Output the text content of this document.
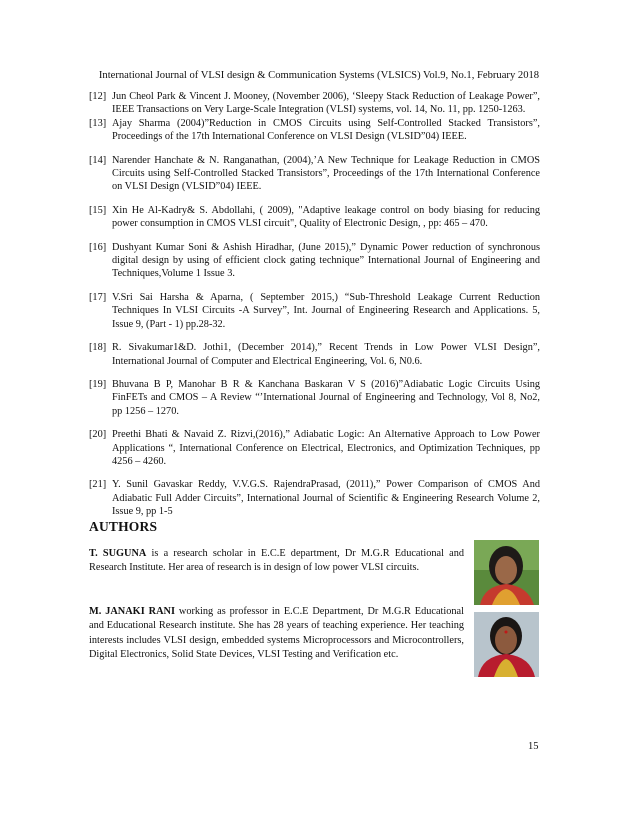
International Journal of VLSI design & Communication Systems (VLSICS) Vol.9, No.1, February 2018
[12] Jun Cheol Park & Vincent J. Mooney, (November 2006), ‘Sleepy Stack Reduction of Leakage Power”, IEEE Transactions on Very Large-Scale Integration (VLSI) systems, vol. 14, No. 11, pp. 1250-1263.
[13] Ajay Sharma (2004)”Reduction in CMOS Circuits using Self-Controlled Stacked Transistors”, Proceedings of the 17th International Conference on VLSI Design (VLSID”04) IEEE.
[14] Narender Hanchate & N. Ranganathan, (2004),’A New Technique for Leakage Reduction in CMOS Circuits using Self-Controlled Stacked Transistors”, Proceedings of the 17th International Conference on VLSI Design (VLSID”04) IEEE.
[15] Xin He Al-Kadry& S. Abdollahi, ( 2009), "Adaptive leakage control on body biasing for reducing power consumption in CMOS VLSI circuit", Quality of Electronic Design, , pp: 465 – 470.
[16] Dushyant Kumar Soni & Ashish Hiradhar, (June 2015),” Dynamic Power reduction of synchronous digital design by using of efficient clock gating technique” International Journal of Engineering and Techniques,Volume 1 Issue 3.
[17] V.Sri Sai Harsha & Aparna, ( September 2015,) “Sub-Threshold Leakage Current Reduction Techniques In VLSI Circuits -A Survey”, Int. Journal of Engineering Research and Applications. 5, Issue 9, (Part - 1) pp.28-32.
[18] R. Sivakumar1&D. Jothi1, (December 2014),” Recent Trends in Low Power VLSI Design”, International Journal of Computer and Electrical Engineering, Vol. 6, N0.6.
[19] Bhuvana B P, Manohar B R & Kanchana Baskaran V S (2016)”Adiabatic Logic Circuits Using FinFETs and CMOS – A Review “’International Journal of Engineering and Technology, Vol 8, No2, pp 1256 – 1270.
[20] Preethi Bhati & Navaid Z. Rizvi,(2016),” Adiabatic Logic: An Alternative Approach to Low Power Applications “, International Conference on Electrical, Electronics, and Optimization Techniques, pp 4256 – 4260.
[21] Y. Sunil Gavaskar Reddy, V.V.G.S. RajendraPrasad, (2011),” Power Comparison of CMOS And Adiabatic Full Adder Circuits”, International Journal of Scientific & Engineering Research Volume 2, Issue 9, pp 1-5
AUTHORS
T. SUGUNA is a research scholar in E.C.E department, Dr M.G.R Educational and Research Institute. Her area of research is in design of low power VLSI circuits.
M. JANAKI RANI working as professor in E.C.E Department, Dr M.G.R Educational and Educational Research institute. She has 28 years of teaching experience. Her teaching interests includes VLSI design, embedded systems Microprocessors and Microcontrollers, Digital Electronics, Solid State Devices, VLSI Testing and Verification etc.
15
